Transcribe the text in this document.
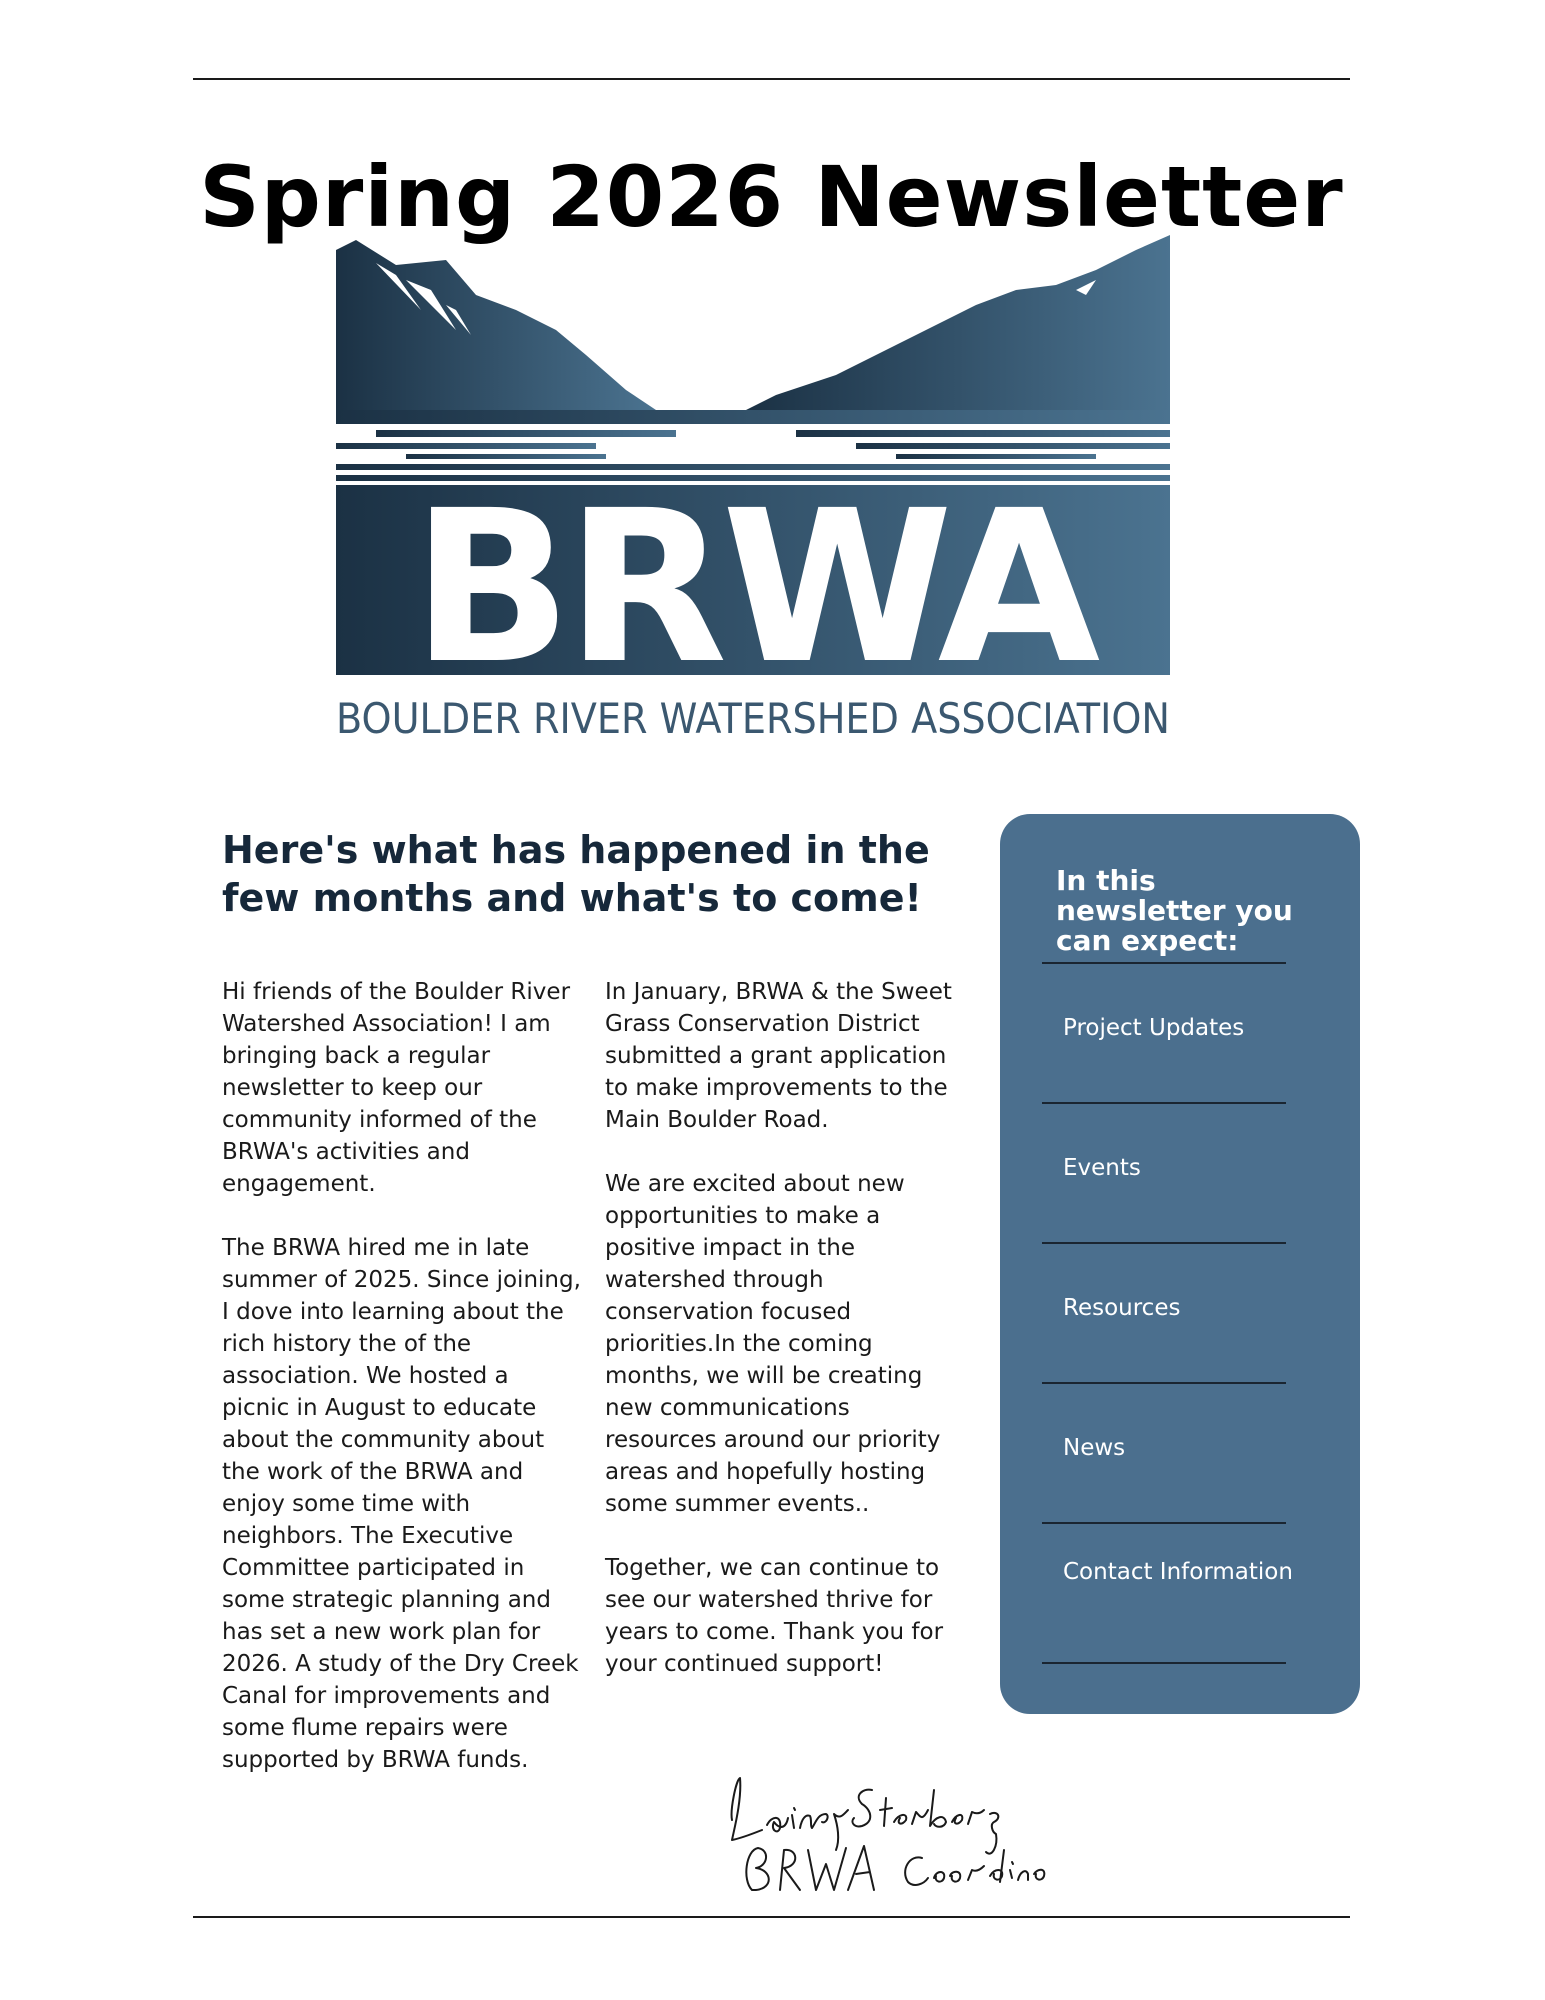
Spring 2026 Newsletter
BRWA
BOULDER RIVER WATERSHED ASSOCIATION
Here's what has happened in the few months and what's to come!

Hi friends of the Boulder River Watershed Association! I am bringing back a regular newsletter to keep our community informed of the BRWA's activities and engagement.

The BRWA hired me in late summer of 2025. Since joining, I dove into learning about the rich history the of the association. We hosted a picnic in August to educate about the community about the work of the BRWA and enjoy some time with neighbors. The Executive Committee participated in some strategic planning and has set a new work plan for 2026. A study of the Dry Creek Canal for improvements and some flume repairs were supported by BRWA funds.

In January, BRWA & the Sweet Grass Conservation District submitted a grant application to make improvements to the Main Boulder Road.

We are excited about new opportunities to make a positive impact in the watershed through conservation focused priorities.In the coming months, we will be creating new communications resources around our priority areas and hopefully hosting some summer events..

Together, we can continue to see our watershed thrive for years to come. Thank you for your continued support!

In this newsletter you can expect:
Project Updates
Events
Resources
News
Contact Information
